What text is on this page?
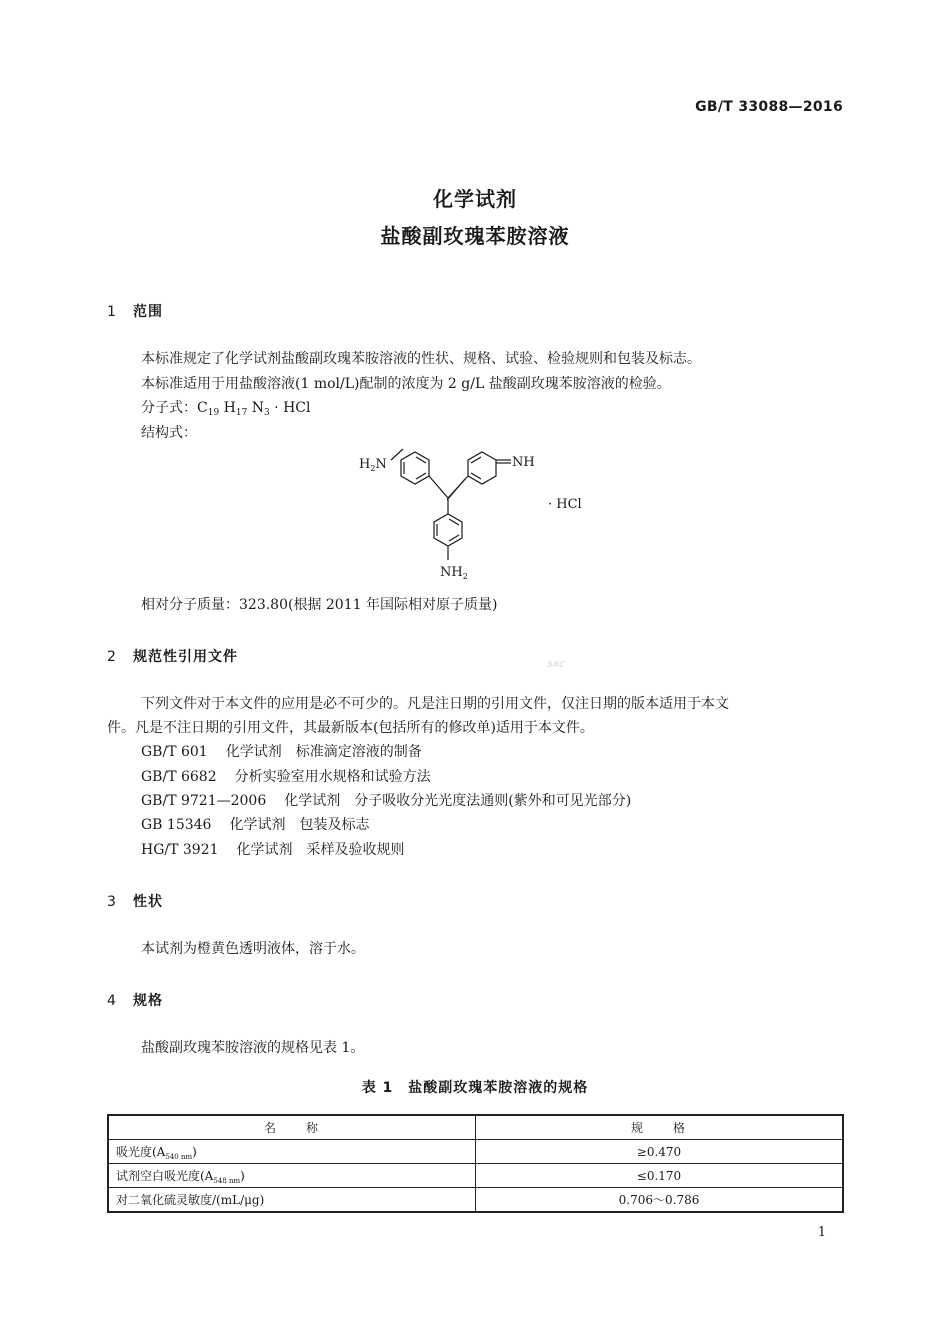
GB/T 33088—2016
化学试剂
盐酸副玫瑰苯胺溶液
1 范围
本标准规定了化学试剂盐酸副玫瑰苯胺溶液的性状、规格、试验、检验规则和包装及标志。
本标准适用于用盐酸溶液(1 mol/L)配制的浓度为 2 g/L 盐酸副玫瑰苯胺溶液的检验。
分子式：$C_{19}$ $H_{17}$ $N_3$ · HCl
结构式：
$H_2N$	NH
$NH_2$
· HCl
相对分子质量：323.80(根据 2011 年国际相对原子质量)
2 规范性引用文件	SAC
下列文件对于本文件的应用是必不可少的。凡是注日期的引用文件，仅注日期的版本适用于本文
件。凡是不注日期的引用文件，其最新版本(包括所有的修改单)适用于本文件。
GB/T 601 化学试剂 标准滴定溶液的制备
GB/T 6682 分析实验室用水规格和试验方法
GB/T 9721—2006 化学试剂 分子吸收分光光度法通则(紫外和可见光部分)
GB 15346 化学试剂 包装及标志
HG/T 3921 化学试剂 采样及验收规则
3 性状
本试剂为橙黄色透明液体，溶于水。
4 规格
盐酸副玫瑰苯胺溶液的规格见表 1。
表 1　盐酸副玫瑰苯胺溶液的规格
名　　称	规　　格
吸光度$(A_{540 nm})$	≥0.470
试剂空白吸光度$(A_{548 nm})$	≤0.170
对二氧化硫灵敏度/(mL/μg)	0.706～0.786
1
